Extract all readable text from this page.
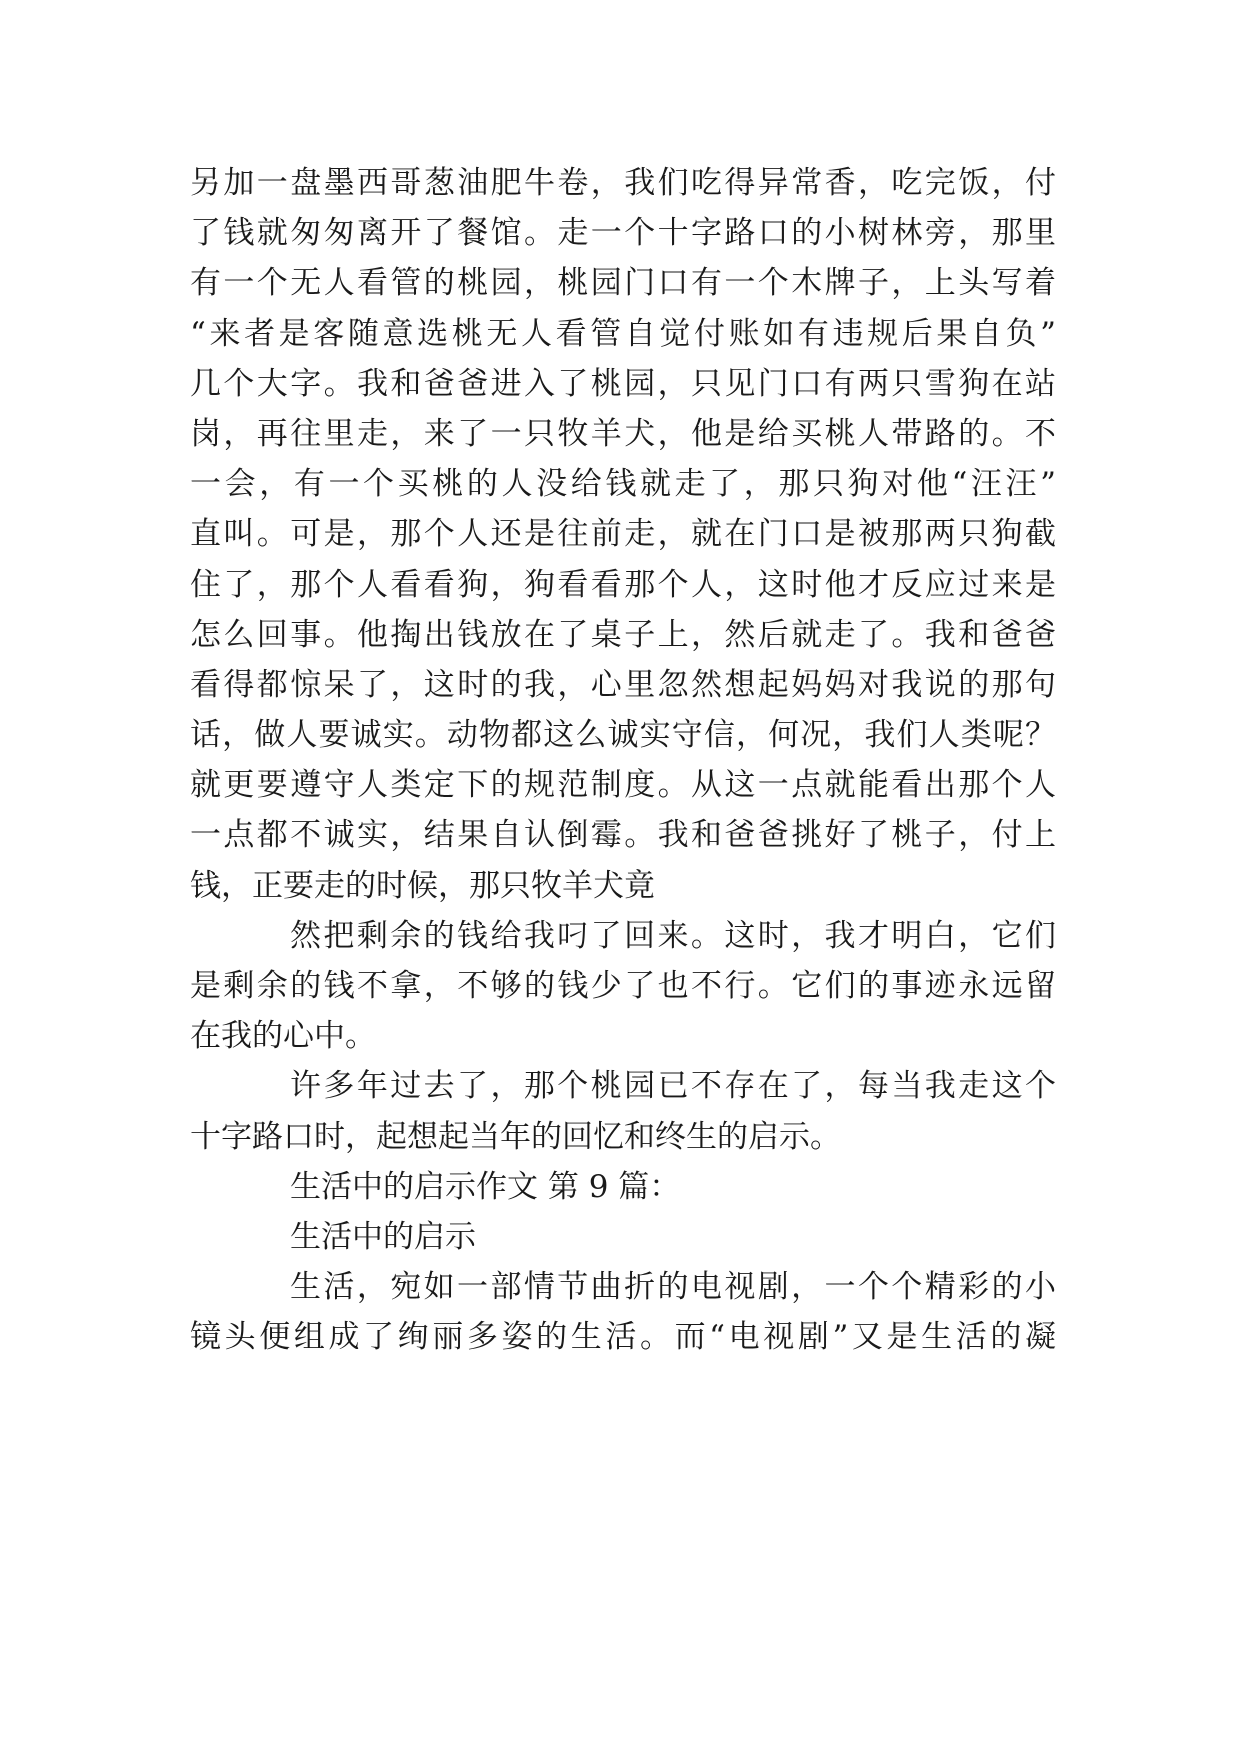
另加一盘墨西哥葱油肥牛卷，我们吃得异常香，吃完饭，付
了钱就匆匆离开了餐馆。走一个十字路口的小树林旁，那里
有一个无人看管的桃园，桃园门口有一个木牌子，上头写着
“来者是客随意选桃无人看管自觉付账如有违规后果自负”
几个大字。我和爸爸进入了桃园，只见门口有两只雪狗在站
岗，再往里走，来了一只牧羊犬，他是给买桃人带路的。不
一会，有一个买桃的人没给钱就走了，那只狗对他“汪汪”
直叫。可是，那个人还是往前走，就在门口是被那两只狗截
住了，那个人看看狗，狗看看那个人，这时他才反应过来是
怎么回事。他掏出钱放在了桌子上，然后就走了。我和爸爸
看得都惊呆了，这时的我，心里忽然想起妈妈对我说的那句
话，做人要诚实。动物都这么诚实守信，何况，我们人类呢？
就更要遵守人类定下的规范制度。从这一点就能看出那个人
一点都不诚实，结果自认倒霉。我和爸爸挑好了桃子，付上
钱，正要走的时候，那只牧羊犬竟
然把剩余的钱给我叼了回来。这时，我才明白，它们
是剩余的钱不拿，不够的钱少了也不行。它们的事迹永远留
在我的心中。
许多年过去了，那个桃园已不存在了，每当我走这个
十字路口时，起想起当年的回忆和终生的启示。
生活中的启示作文 第 9 篇：
生活中的启示
生活，宛如一部情节曲折的电视剧，一个个精彩的小
镜头便组成了绚丽多姿的生活。而“电视剧”又是生活的凝
